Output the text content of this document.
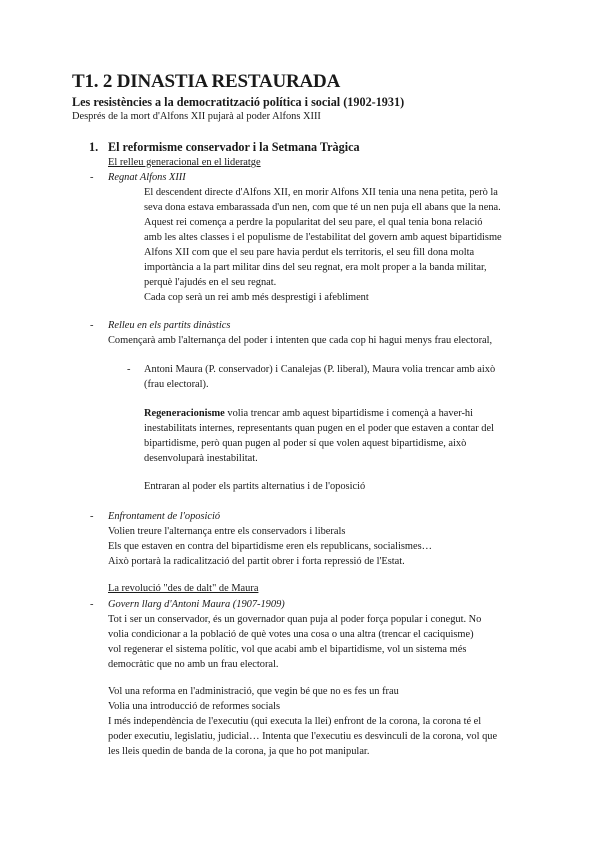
T1. 2 DINASTIA RESTAURADA
Les resistències a la democratització política i social (1902-1931)
Després de la mort d'Alfons XII pujarà al poder Alfons XIII
1. El reformisme conservador i la Setmana Tràgica
El relleu generacional en el lideratge
-	Regnat Alfons XIII
El descendent directe d'Alfons XII, en morir Alfons XII tenia una nena petita, però la
seva dona estava embarassada d'un nen, com que té un nen puja ell abans que la nena.
Aquest rei comença a perdre la popularitat del seu pare, el qual tenia bona relació
amb les altes classes i el populisme de l'estabilitat del govern amb aquest bipartidisme
Alfons XII com que el seu pare havia perdut els territoris, el seu fill dona molta
importància a la part militar dins del seu regnat, era molt proper a la banda militar,
perquè l'ajudés en el seu regnat.
Cada cop serà un rei amb més desprestigi i afebliment
-	Relleu en els partits dinàstics
Començarà amb l'alternança del poder i intenten que cada cop hi hagui menys frau electoral,
-	Antoni Maura (P. conservador) i Canalejas (P. liberal), Maura volia trencar amb això
(frau electoral).
Regeneracionisme volia trencar amb aquest bipartidisme i començà a haver-hi
inestabilitats internes, representants quan pugen en el poder que estaven a contar del
bipartidisme, però quan pugen al poder sí que volen aquest bipartidisme, això
desenvoluparà inestabilitat.
Entraran al poder els partits alternatius i de l'oposició
-	Enfrontament de l'oposició
Volien treure l'alternança entre els conservadors i liberals
Els que estaven en contra del bipartidisme eren els republicans, socialismes…
Això portarà la radicalització del partit obrer i forta repressió de l'Estat.
La revolució "des de dalt" de Maura
-	Govern llarg d'Antoni Maura (1907-1909)
Tot i ser un conservador, és un governador quan puja al poder força popular i conegut. No
volia condicionar a la població de què votes una cosa o una altra (trencar el caciquisme)
vol regenerar el sistema polític, vol que acabi amb el bipartidisme, vol un sistema més
democràtic que no amb un frau electoral.
Vol una reforma en l'administració, que vegin bé que no es fes un frau
Volia una introducció de reformes socials
I més independència de l'executiu (qui executa la llei) enfront de la corona, la corona té el
poder executiu, legislatiu, judicial… Intenta que l'executiu es desvinculi de la corona, vol que
les lleis quedin de banda de la corona, ja que ho pot manipular.
